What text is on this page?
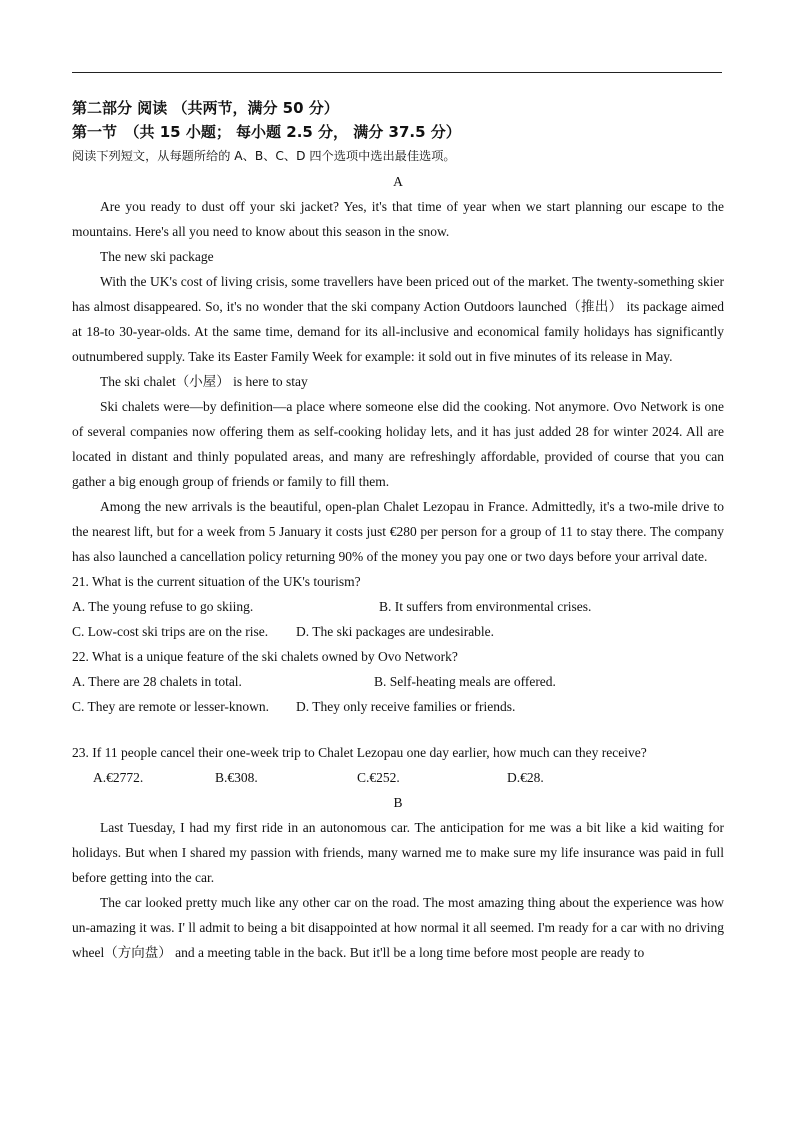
第二部分 阅读 （共两节，满分 50 分）
第一节　（共 15 小题； 每小题 2.5 分， 满分 37.5 分）
阅读下列短文，从每题所给的 A、B、C、D 四个选项中选出最佳选项。
A

Are you ready to dust off your ski jacket? Yes, it's that time of year when we start planning our escape to the mountains. Here's all you need to know about this season in the snow.

The new ski package

With the UK's cost of living crisis, some travellers have been priced out of the market. The twenty-something skier has almost disappeared. So, it's no wonder that the ski company Action Outdoors launched（推出） its package aimed at 18-to 30-year-olds. At the same time, demand for its all-inclusive and economical family holidays has significantly outnumbered supply. Take its Easter Family Week for example: it sold out in five minutes of its release in May.

The ski chalet（小屋） is here to stay

Ski chalets were—by definition—a place where someone else did the cooking. Not anymore. Ovo Network is one of several companies now offering them as self-cooking holiday lets, and it has just added 28 for winter 2024. All are located in distant and thinly populated areas, and many are refreshingly affordable, provided of course that you can gather a big enough group of friends or family to fill them.

Among the new arrivals is the beautiful, open-plan Chalet Lezopau in France. Admittedly, it's a two-mile drive to the nearest lift, but for a week from 5 January it costs just €280 per person for a group of 11 to stay there. The company has also launched a cancellation policy returning 90% of the money you pay one or two days before your arrival date.

21. What is the current situation of the UK's tourism?
A. The young refuse to go skiing.	B. It suffers from environmental crises.
C. Low-cost ski trips are on the rise. D. The ski packages are undesirable.
22. What is a unique feature of the ski chalets owned by Ovo Network?
A. There are 28 chalets in total.	B. Self-heating meals are offered.
C. They are remote or lesser-known. D. They only receive families or friends.
23. If 11 people cancel their one-week trip to Chalet Lezopau one day earlier, how much can they receive?
A.€2772.	B.€308.	C.€252.	D.€28.
B

Last Tuesday, I had my first ride in an autonomous car. The anticipation for me was a bit like a kid waiting for holidays. But when I shared my passion with friends, many warned me to make sure my life insurance was paid in full before getting into the car.

The car looked pretty much like any other car on the road. The most amazing thing about the experience was how un-amazing it was. I' ll admit to being a bit disappointed at how normal it all seemed. I'm ready for a car with no driving wheel（方向盘） and a meeting table in the back. But it'll be a long time before most people are ready to
